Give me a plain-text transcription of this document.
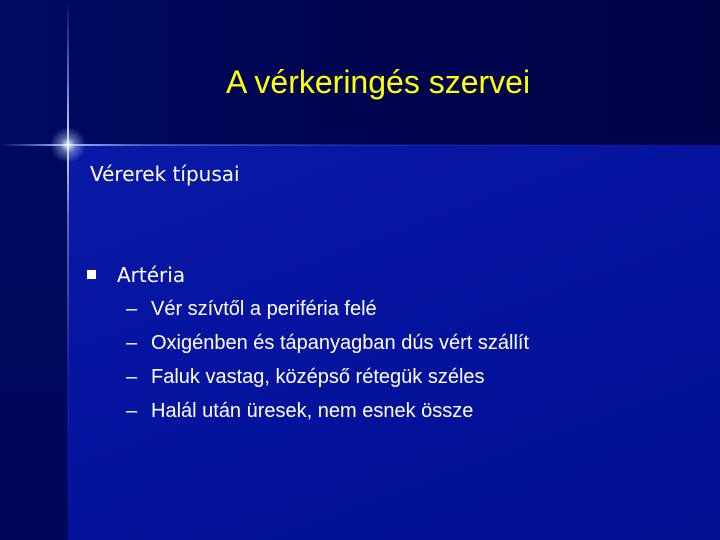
A vérkeringés szervei

Vérerek típusai

Artéria
– Vér szívtől a periféria felé
– Oxigénben és tápanyagban dús vért szállít
– Faluk vastag, középső rétegük széles
– Halál után üresek, nem esnek össze
